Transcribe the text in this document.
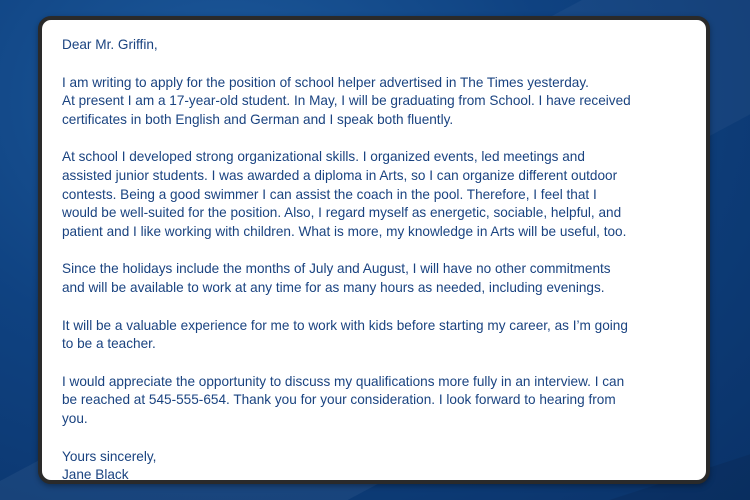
Dear Mr. Griffin,

I am writing to apply for the position of school helper advertised in The Times yesterday.
At present I am a 17-year-old student. In May, I will be graduating from School. I have received
certificates in both English and German and I speak both fluently.

At school I developed strong organizational skills. I organized events, led meetings and
assisted junior students. I was awarded a diploma in Arts, so I can organize different outdoor
contests. Being a good swimmer I can assist the coach in the pool. Therefore, I feel that I
would be well-suited for the position. Also, I regard myself as energetic, sociable, helpful, and
patient and I like working with children. What is more, my knowledge in Arts will be useful, too.

Since the holidays include the months of July and August, I will have no other commitments
and will be available to work at any time for as many hours as needed, including evenings.

It will be a valuable experience for me to work with kids before starting my career, as I’m going
to be a teacher.

I would appreciate the opportunity to discuss my qualifications more fully in an interview. I can
be reached at 545-555-654. Thank you for your consideration. I look forward to hearing from
you.

Yours sincerely,
Jane Black
